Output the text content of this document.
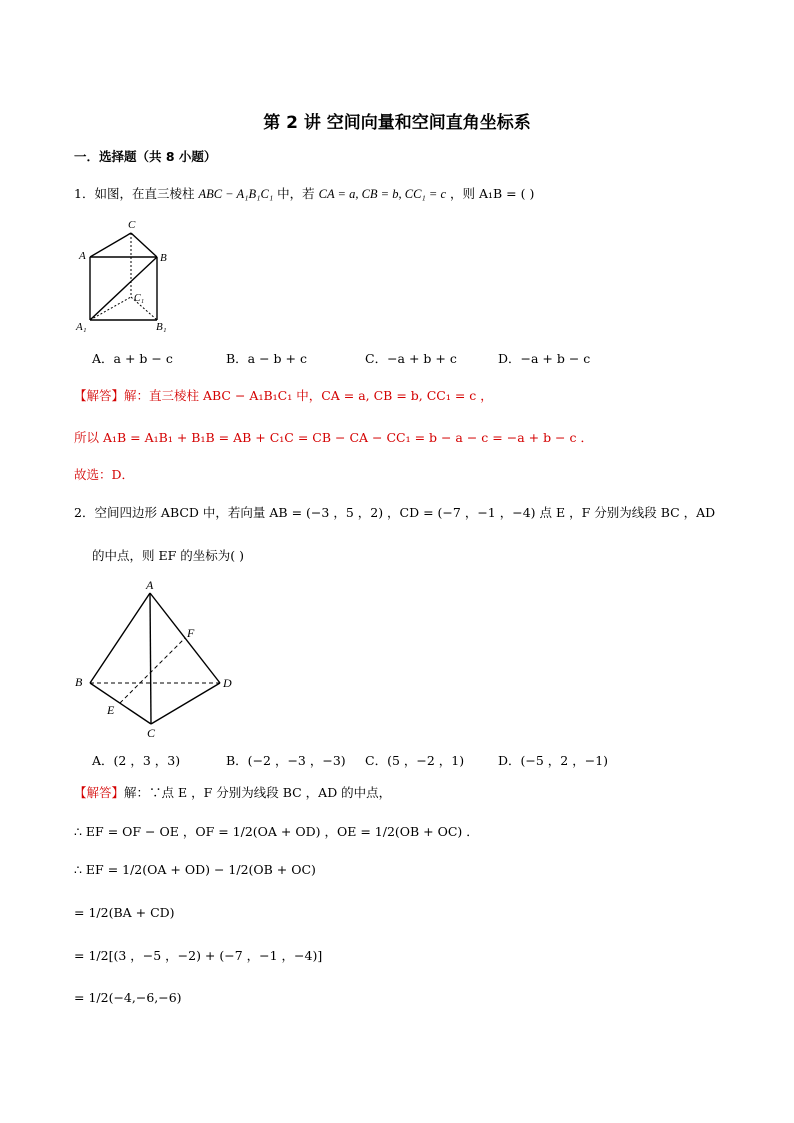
第 2 讲 空间向量和空间直角坐标系
一．选择题（共 8 小题）
1．如图，在直三棱柱 ABC − A₁B₁C₁ 中，若 CA = a, CB = b, CC₁ = c ，则 A₁B = ( )
C
A	B
C₁
A₁	B₁
A．a + b − c	B．a − b + c	C．−a + b + c	D．−a + b − c
【解答】解：直三棱柱 ABC − A₁B₁C₁ 中，CA = a, CB = b, CC₁ = c ，
所以 A₁B = A₁B₁ + B₁B = AB + C₁C = CB − CA − CC₁ = b − a − c = −a + b − c ．
故选：D．
2．空间四边形 ABCD 中，若向量 AB = (−3 ，5 ，2) ，CD = (−7 ，−1 ，−4) 点 E ，F 分别为线段 BC ，AD
的中点，则 EF 的坐标为( )
A
F
B	D
E
C
A．(2 ，3 ，3)	B．(−2 ，−3 ，−3) C．(5 ，−2 ，1)	D．(−5 ，2 ，−1)
【解答】解：∵点 E ，F 分别为线段 BC ，AD 的中点，
∴ EF = OF − OE ，OF = 1/2(OA + OD) ，OE = 1/2(OB + OC) ．
∴ EF = 1/2(OA + OD) − 1/2(OB + OC)
= 1/2(BA + CD)
= 1/2[(3 ，−5 ，−2) + (−7 ，−1 ，−4)]
= 1/2(−4,−6,−6)
